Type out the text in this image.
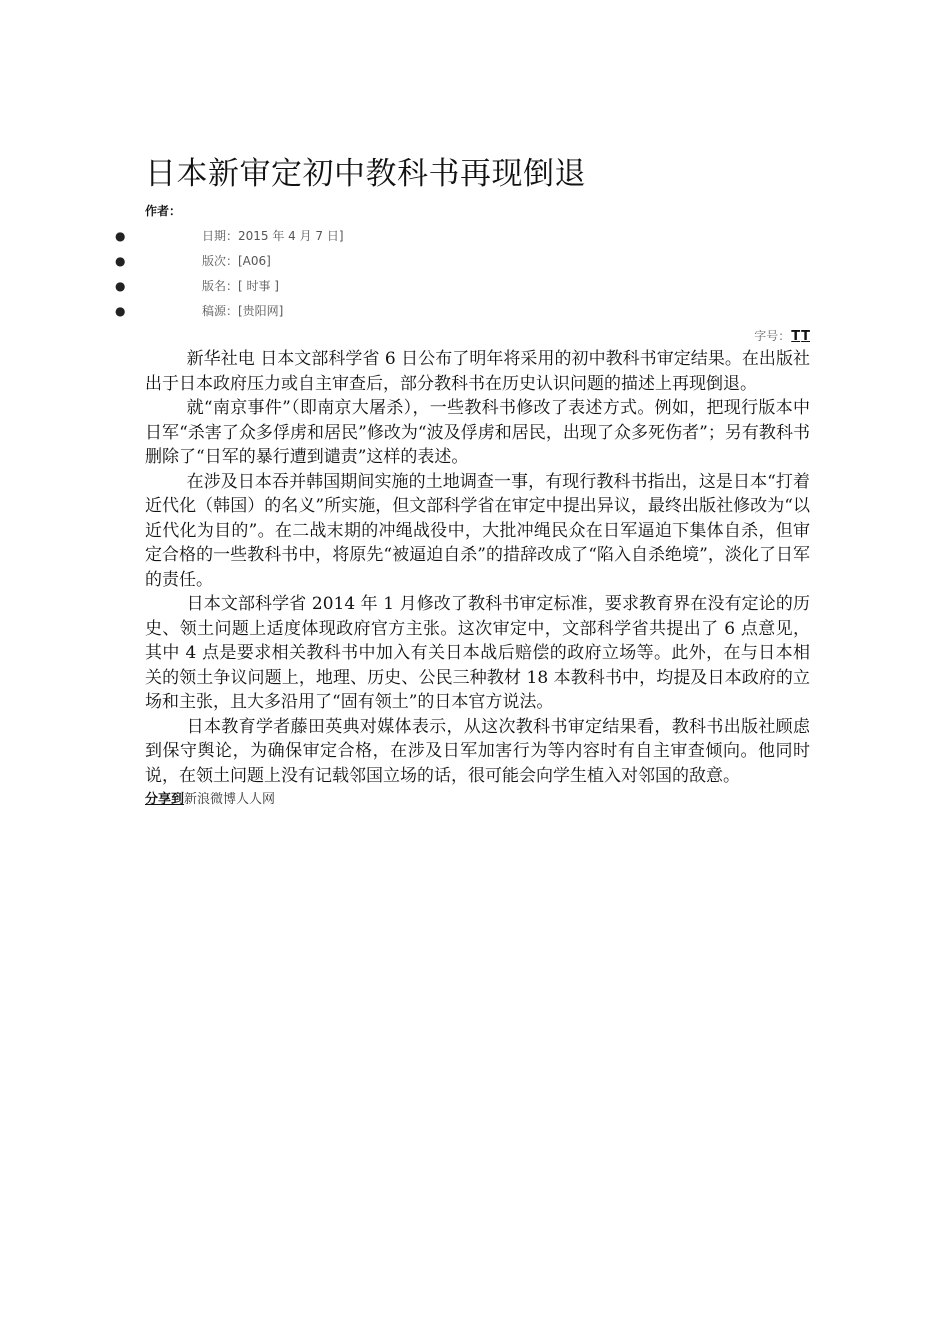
日本新审定初中教科书再现倒退
作者：
●	日期：2015 年 4 月 7 日]
●	版次：[A06]
●	版名：[ 时事 ]
●	稿源：[贵阳网]
字号：TT

新华社电 日本文部科学省 6 日公布了明年将采用的初中教科书审定结果。在出版社出于日本政府压力或自主审查后，部分教科书在历史认识问题的描述上再现倒退。

就“南京事件”（即南京大屠杀），一些教科书修改了表述方式。例如，把现行版本中日军“杀害了众多俘虏和居民”修改为“波及俘虏和居民，出现了众多死伤者”；另有教科书删除了“日军的暴行遭到谴责”这样的表述。

在涉及日本吞并韩国期间实施的土地调查一事，有现行教科书指出，这是日本“打着近代化（韩国）的名义”所实施，但文部科学省在审定中提出异议，最终出版社修改为“以近代化为目的”。在二战末期的冲绳战役中，大批冲绳民众在日军逼迫下集体自杀，但审定合格的一些教科书中，将原先“被逼迫自杀”的措辞改成了“陷入自杀绝境”，淡化了日军的责任。

日本文部科学省 2014 年 1 月修改了教科书审定标准，要求教育界在没有定论的历史、领土问题上适度体现政府官方主张。这次审定中，文部科学省共提出了 6 点意见，其中 4 点是要求相关教科书中加入有关日本战后赔偿的政府立场等。此外，在与日本相关的领土争议问题上，地理、历史、公民三种教材 18 本教科书中，均提及日本政府的立场和主张，且大多沿用了“固有领土”的日本官方说法。

日本教育学者藤田英典对媒体表示，从这次教科书审定结果看，教科书出版社顾虑到保守舆论，为确保审定合格，在涉及日军加害行为等内容时有自主审查倾向。他同时说，在领土问题上没有记载邻国立场的话，很可能会向学生植入对邻国的敌意。

分享到新浪微博人人网
